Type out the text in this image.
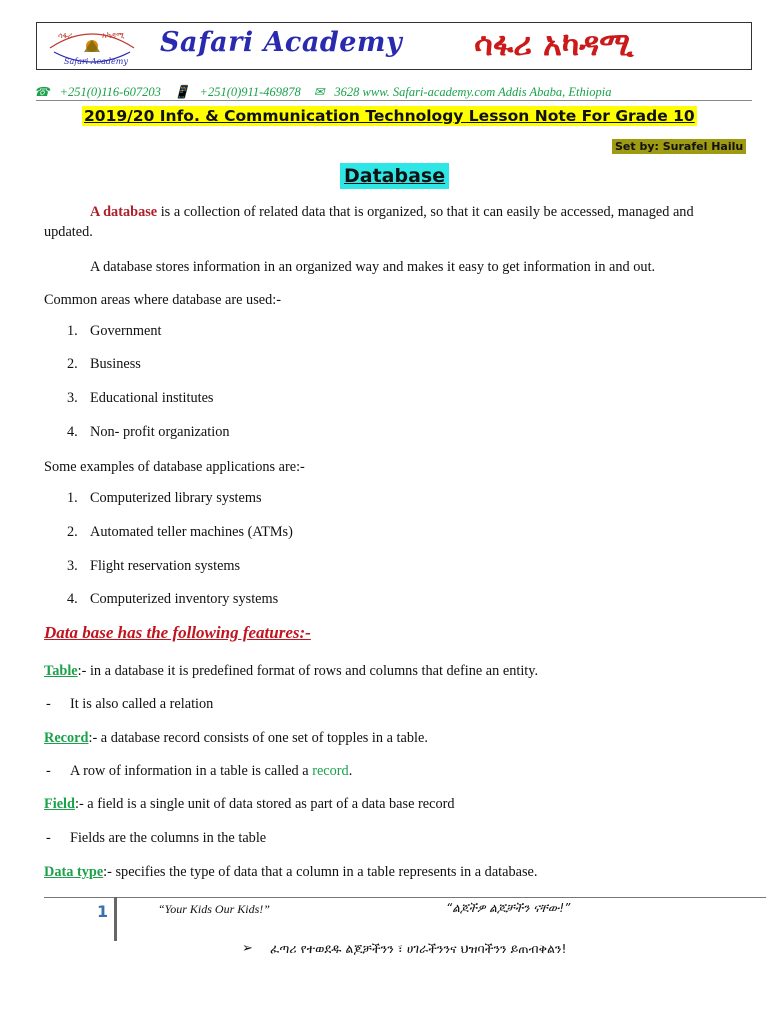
ሳፋሪ	አካዳሚ
Safari Academy
Safari Academy ሳፋሪ አካዳሚ
☎ +251(0)116-607203 📱 +251(0)911-469878 ✉ 3628 www. Safari-academy.com Addis Ababa, Ethiopia
2019/20 Info. & Communication Technology Lesson Note For Grade 10
Set by: Surafel Hailu
Database
A database is a collection of related data that is organized, so that it can easily be accessed, managed and
updated.
A database stores information in an organized way and makes it easy to get information in and out.
Common areas where database are used:-
1. Government
2. Business
3. Educational institutes
4. Non- profit organization
Some examples of database applications are:-
1. Computerized library systems
2. Automated teller machines (ATMs)
3. Flight reservation systems
4. Computerized inventory systems
Data base has the following features:-
Table:- in a database it is predefined format of rows and columns that define an entity.
- It is also called a relation
Record:- a database record consists of one set of topples in a table.
- A row of information in a table is called a record.
Field:- a field is a single unit of data stored as part of a data base record
- Fields are the columns in the table
Data type:- specifies the type of data that a column in a table represents in a database.
1	“Your Kids Our Kids!”	“ልጆችዎ ልጆቻችን ናቸው!”
➢ ፈጣሪ የተወደዱ ልጆቻችንን ፣ ሀገራችንንና ህዝባችንን ይጠብቅልን!
